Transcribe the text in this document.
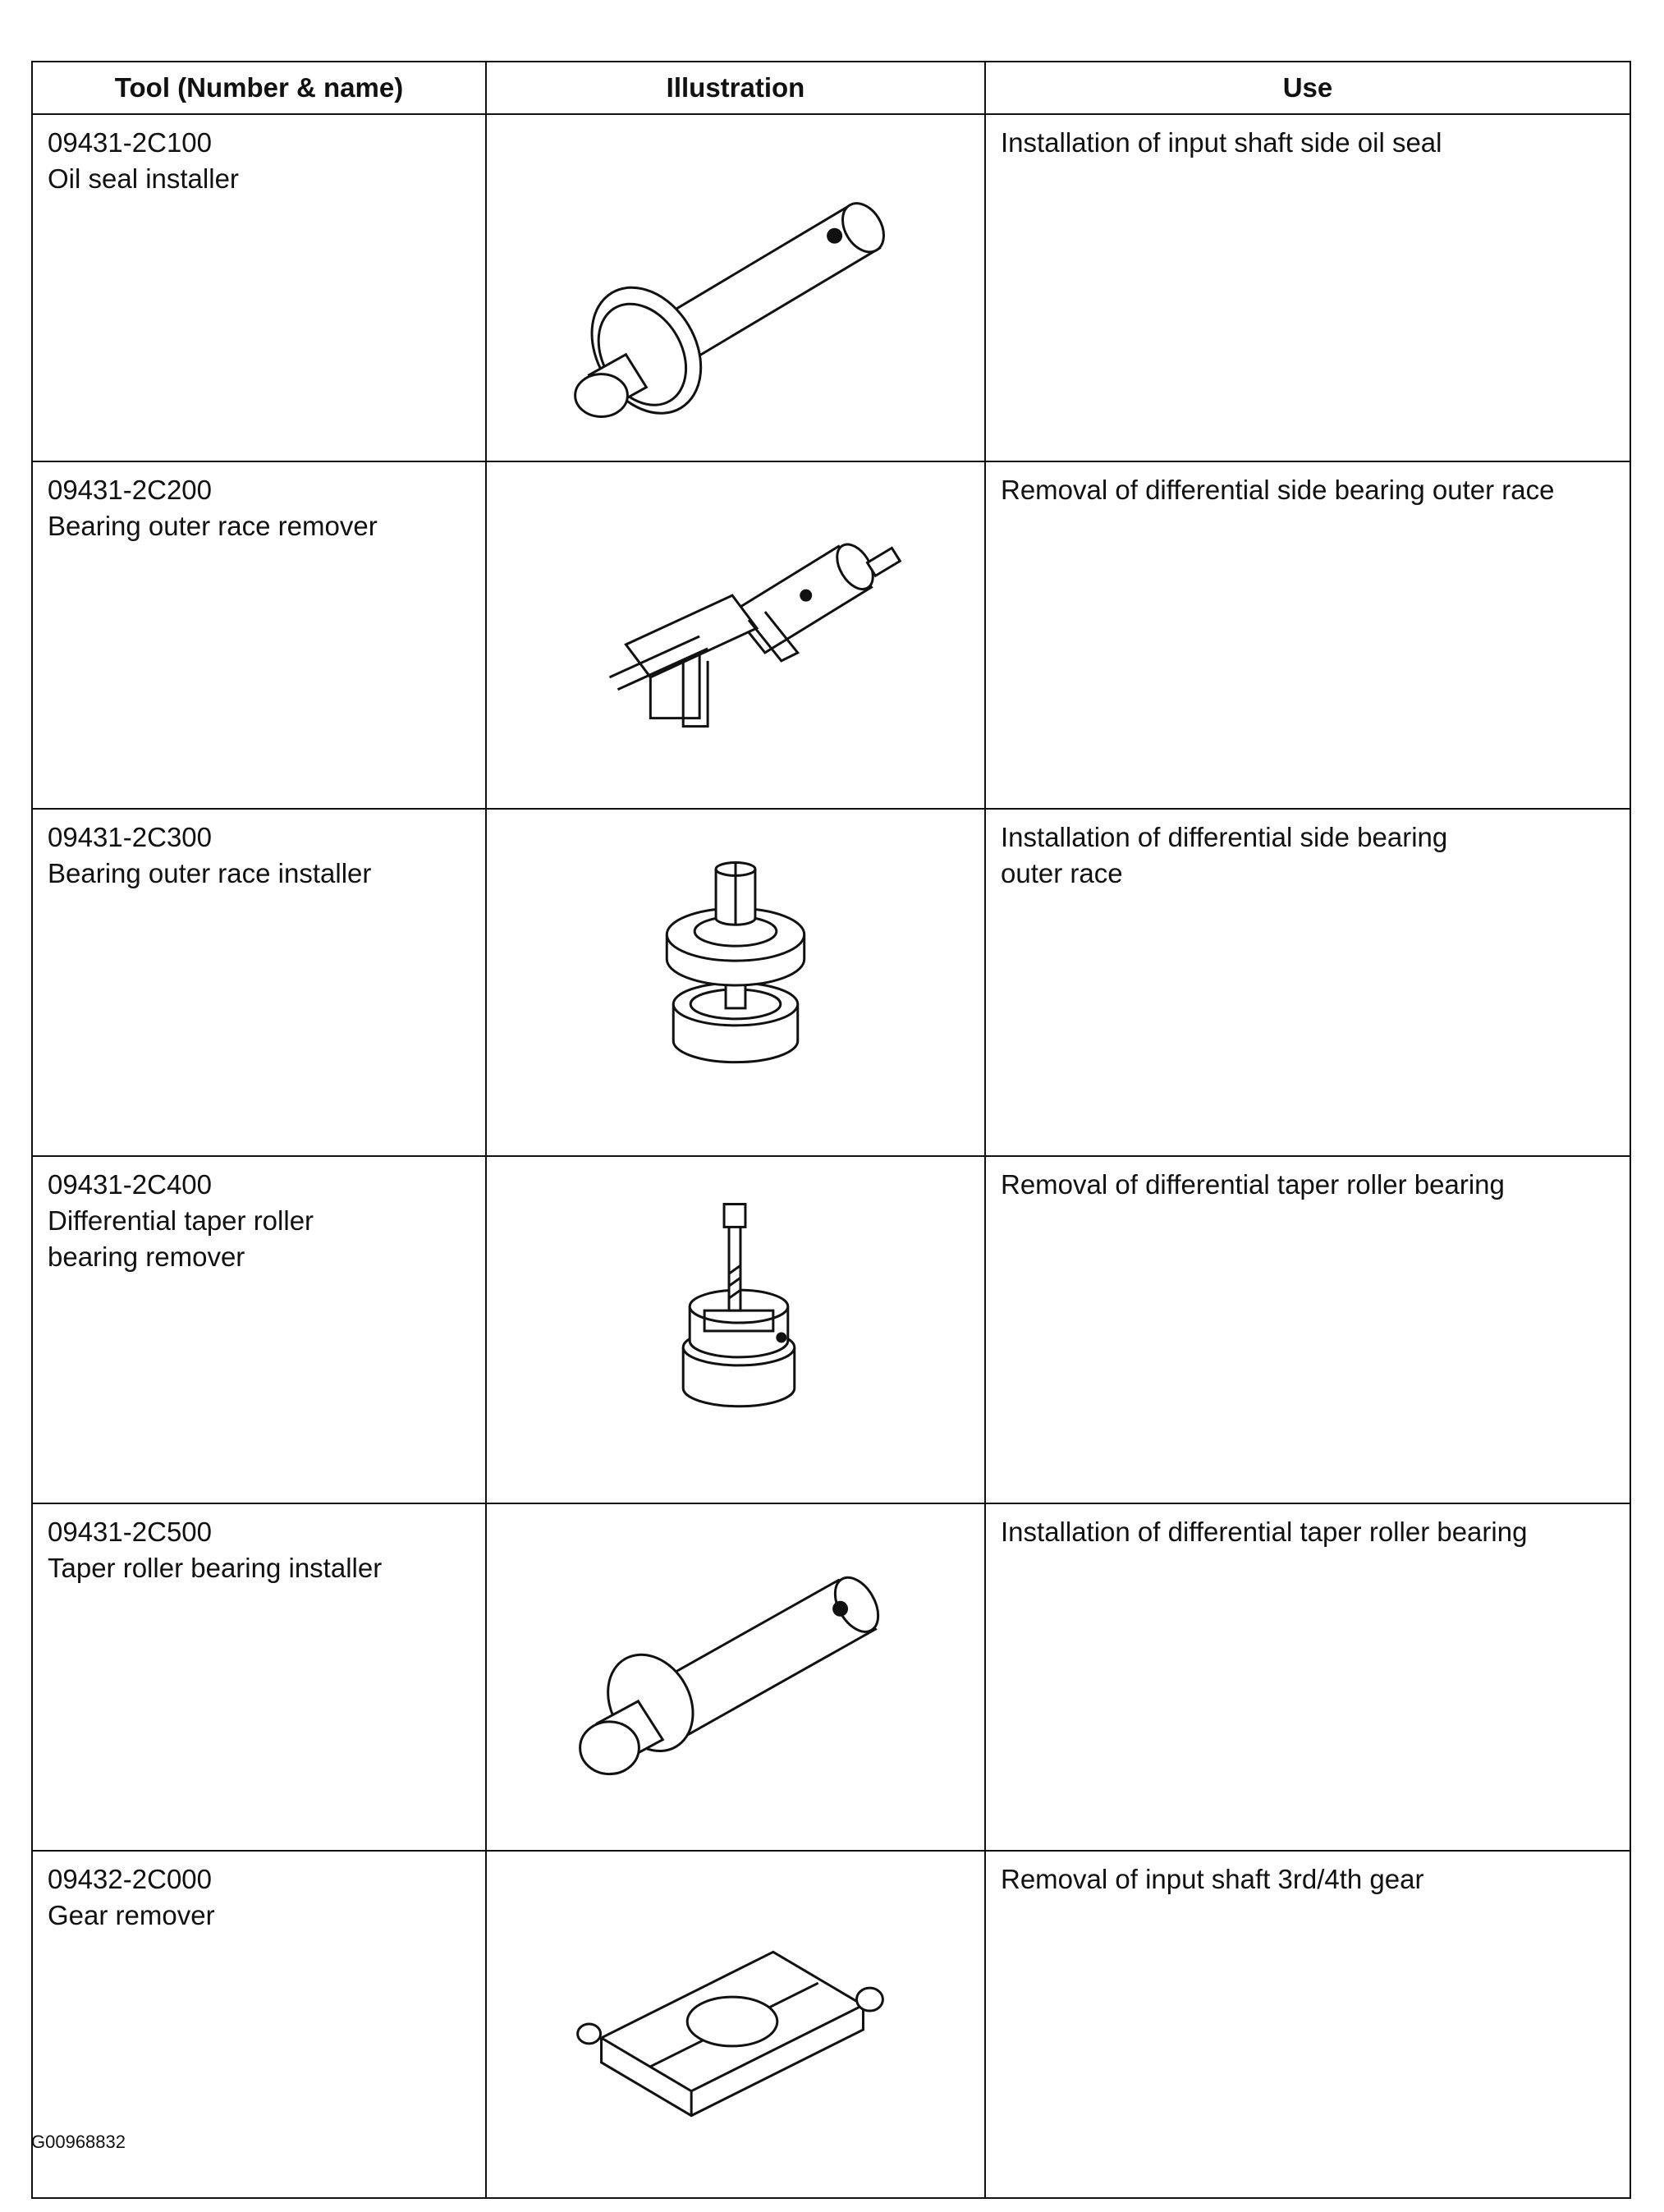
Tool (Number & name)	Illustration	Use

09431-2C100
Oil seal installer		Installation of input shaft side oil seal

09431-2C200
Bearing outer race remover		Removal of differential side bearing outer race

09431-2C300
Bearing outer race installer		Installation of differential side bearing
outer race

09431-2C400
Differential taper roller
bearing remover		Removal of differential taper roller bearing

09431-2C500
Taper roller bearing installer		Installation of differential taper roller bearing

09432-2C000
Gear remover		Removal of input shaft 3rd/4th gear
G00968832
